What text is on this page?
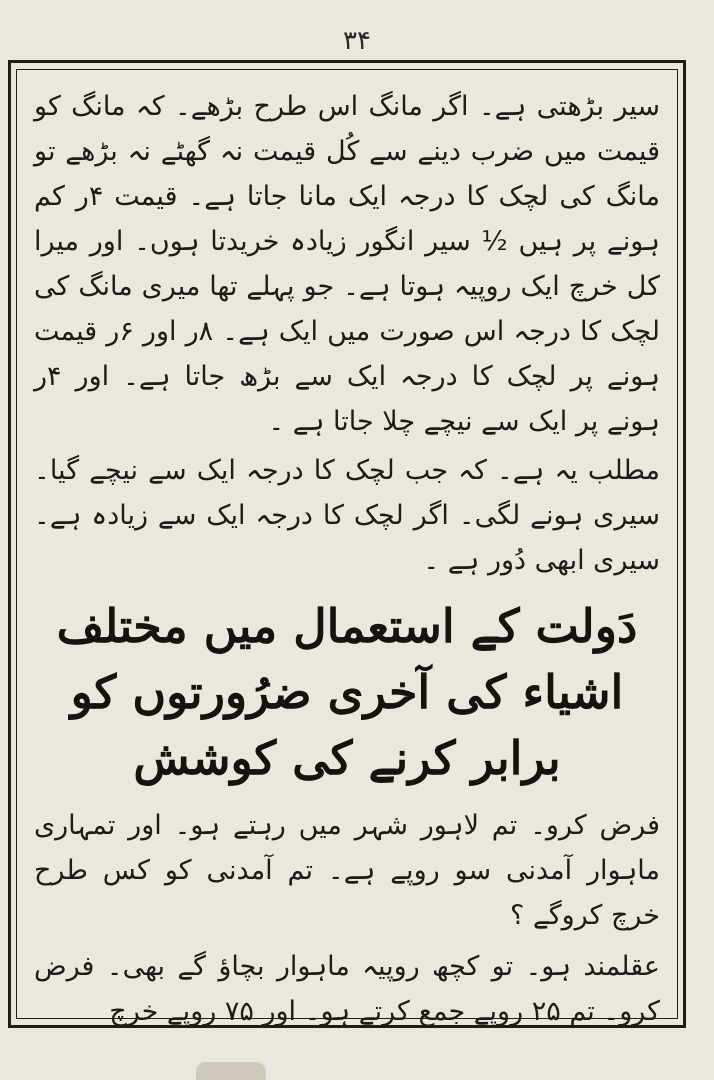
۳۴

سیر بڑھتی ہے۔ اگر مانگ اس طرح بڑھے۔ کہ مانگ کو قیمت میں ضرب دینے سے کُل قیمت نہ گھٹے نہ بڑھے تو مانگ کی لچک کا درجہ ایک مانا جاتا ہے۔ قیمت ۴ر کم ہونے پر ہیں ½ سیر انگور زیادہ خریدتا ہوں۔ اور میرا کل خرچ ایک روپیہ ہوتا ہے۔ جو پہلے تھا میری مانگ کی لچک کا درجہ اس صورت میں ایک ہے۔ ۸ر اور ۶ر قیمت ہونے پر لچک کا درجہ ایک سے بڑھ جاتا ہے۔ اور ۴ر ہونے پر ایک سے نیچے چلا جاتا ہے ۔

مطلب یہ ہے۔ کہ جب لچک کا درجہ ایک سے نیچے گیا۔ سیری ہونے لگی۔ اگر لچک کا درجہ ایک سے زیادہ ہے۔ سیری ابھی دُور ہے ۔

دَولت کے استعمال میں مختلف اشیاء کی آخری ضرُورتوں کو برابر کرنے کی کوشش

فرض کرو۔ تم لاہور شہر میں رہتے ہو۔ اور تمہاری ماہوار آمدنی سو روپے ہے۔ تم آمدنی کو کس طرح خرچ کروگے ؟

عقلمند ہو۔ تو کچھ روپیہ ماہوار بچاؤ گے بھی۔ فرض کرو۔ تم ۲۵ روپے جمع کرتے ہو۔ اور ۷۵ روپے خرچ
